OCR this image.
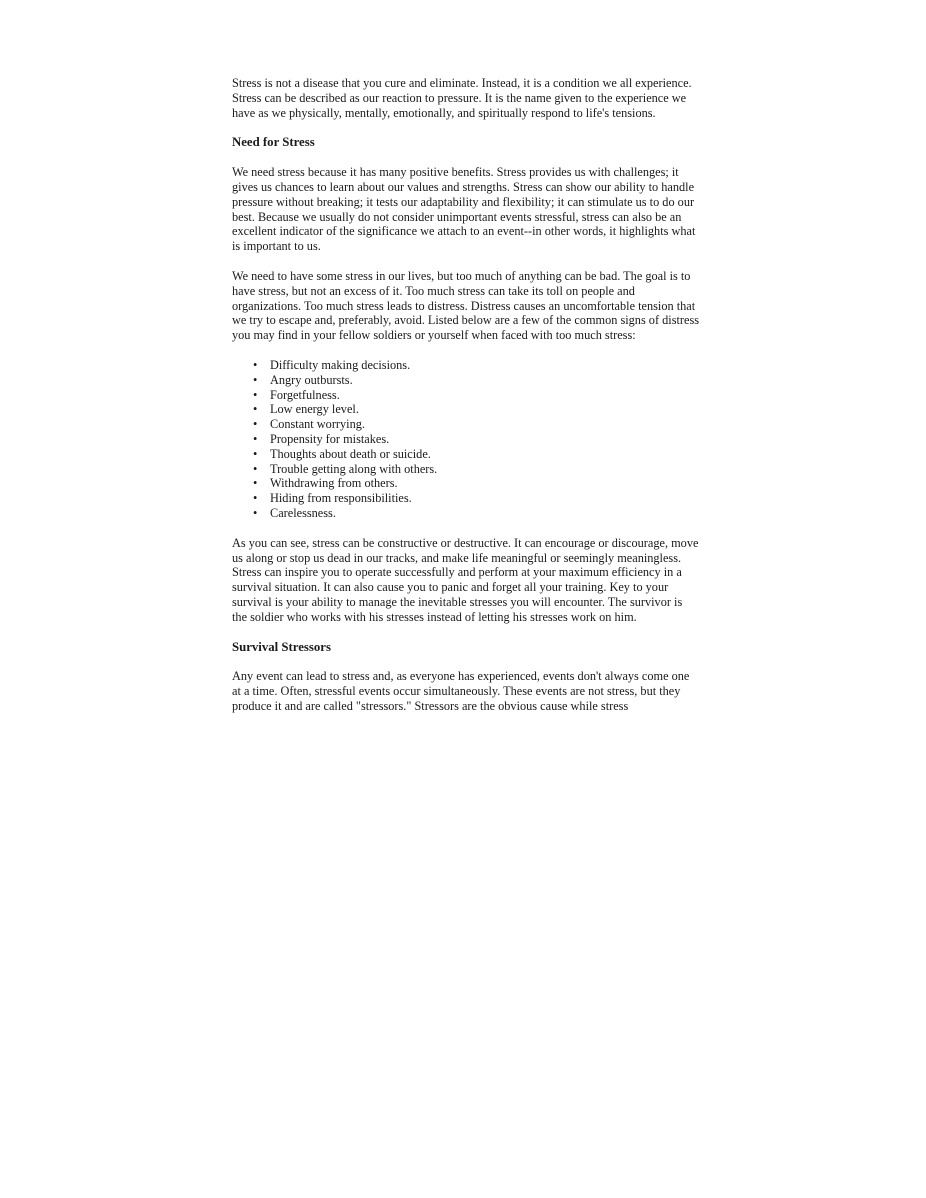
Stress is not a disease that you cure and eliminate. Instead, it is a condition we all experience. Stress can be described as our reaction to pressure. It is the name given to the experience we have as we physically, mentally, emotionally, and spiritually respond to life's tensions.

Need for Stress

We need stress because it has many positive benefits. Stress provides us with challenges; it gives us chances to learn about our values and strengths. Stress can show our ability to handle pressure without breaking; it tests our adaptability and flexibility; it can stimulate us to do our best. Because we usually do not consider unimportant events stressful, stress can also be an excellent indicator of the significance we attach to an event--in other words, it highlights what is important to us.

We need to have some stress in our lives, but too much of anything can be bad. The goal is to have stress, but not an excess of it. Too much stress can take its toll on people and organizations. Too much stress leads to distress. Distress causes an uncomfortable tension that we try to escape and, preferably, avoid. Listed below are a few of the common signs of distress you may find in your fellow soldiers or yourself when faced with too much stress:

• Difficulty making decisions.
• Angry outbursts.
• Forgetfulness.
• Low energy level.
• Constant worrying.
• Propensity for mistakes.
• Thoughts about death or suicide.
• Trouble getting along with others.
• Withdrawing from others.
• Hiding from responsibilities.
• Carelessness.

As you can see, stress can be constructive or destructive. It can encourage or discourage, move us along or stop us dead in our tracks, and make life meaningful or seemingly meaningless. Stress can inspire you to operate successfully and perform at your maximum efficiency in a survival situation. It can also cause you to panic and forget all your training. Key to your survival is your ability to manage the inevitable stresses you will encounter. The survivor is the soldier who works with his stresses instead of letting his stresses work on him.

Survival Stressors

Any event can lead to stress and, as everyone has experienced, events don't always come one at a time. Often, stressful events occur simultaneously. These events are not stress, but they produce it and are called "stressors." Stressors are the obvious cause while stress
